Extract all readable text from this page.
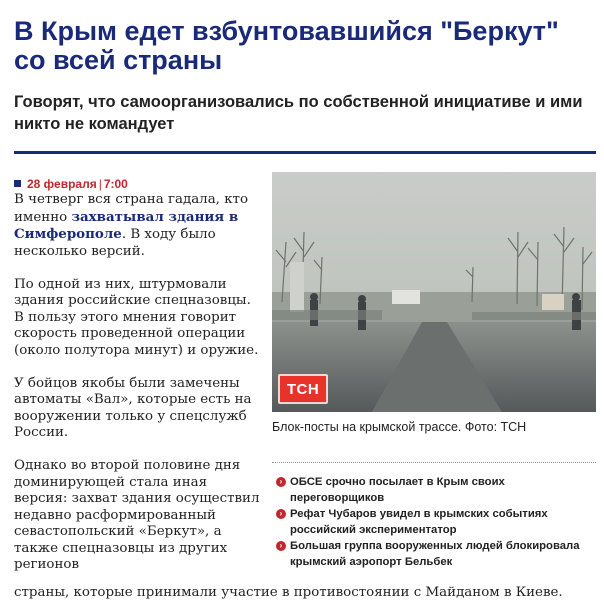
В Крым едет взбунтовавшийся "Беркут" со всей страны
Говорят, что самоорганизовались по собственной инициативе и ими никто не командует
28 февраля | 7:00

В четверг вся страна гадала, кто именно захватывал здания в Симферополе. В ходу было несколько версий.

По одной из них, штурмовали здания российские спецназовцы. В пользу этого мнения говорит скорость проведенной операции (около полутора минут) и оружие.

У бойцов якобы были замечены автоматы «Вал», которые есть на вооружении только у спецслужб России.

Однако во второй половине дня доминирующей стала иная версия: захват здания осуществил недавно расформированный севастопольский «Беркут», а также спецназовцы из других регионов

страны, которые принимали участие в противостоянии с Майданом в Киеве.
ТСН
Блок-посты на крымской трассе. Фото: ТСН
› ОБСЕ срочно посылает в Крым своих переговорщиков
› Рефат Чубаров увидел в крымских событиях российский экспериментатор
› Большая группа вооруженных людей блокировала крымский аэропорт Бельбек
